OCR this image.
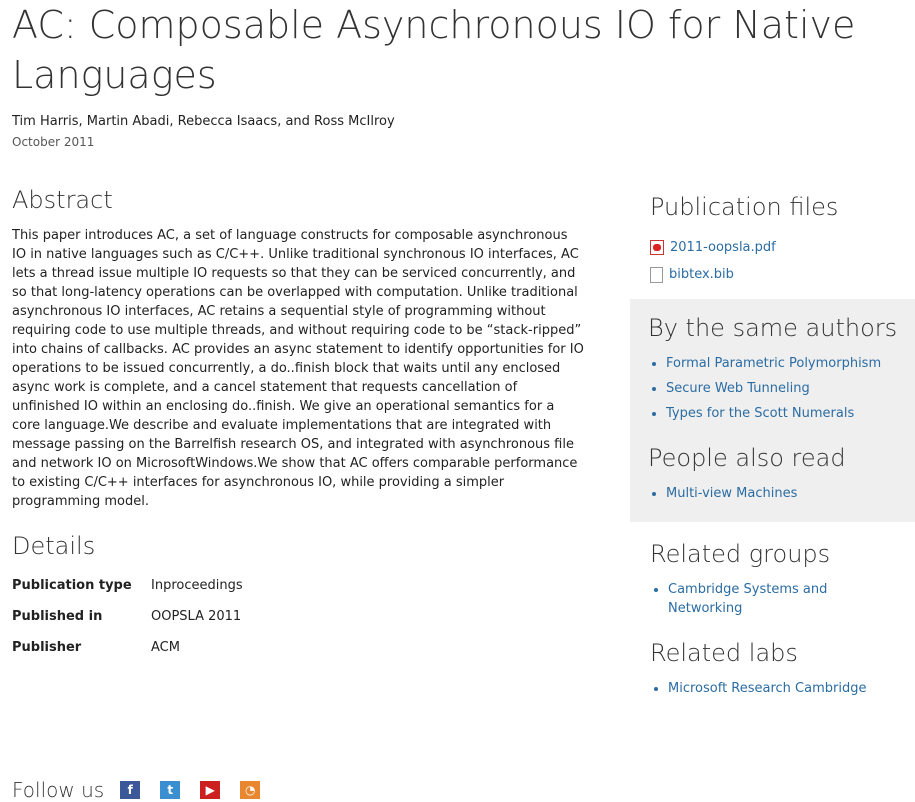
AC: Composable Asynchronous IO for Native Languages
Tim Harris, Martin Abadi, Rebecca Isaacs, and Ross McIlroy
October 2011
Abstract

This paper introduces AC, a set of language constructs for composable asynchronous IO in native languages such as C/C++. Unlike traditional synchronous IO interfaces, AC lets a thread issue multiple IO requests so that they can be serviced concurrently, and so that long-latency operations can be overlapped with computation. Unlike traditional asynchronous IO interfaces, AC retains a sequential style of programming without requiring code to use multiple threads, and without requiring code to be “stack-ripped” into chains of callbacks. AC provides an async statement to identify opportunities for IO operations to be issued concurrently, a do..finish block that waits until any enclosed async work is complete, and a cancel statement that requests cancellation of unfinished IO within an enclosing do..finish. We give an operational semantics for a core language.We describe and evaluate implementations that are integrated with message passing on the Barrelfish research OS, and integrated with asynchronous file and network IO on MicrosoftWindows.We show that AC offers comparable performance to existing C/C++ interfaces for asynchronous IO, while providing a simpler programming model.

Details
Publication type	Inproceedings
Published in	OOPSLA 2011
Publisher	ACM
Publication files
2011-oopsla.pdf
bibtex.bib
By the same authors
• Formal Parametric Polymorphism
• Secure Web Tunneling
• Types for the Scott Numerals
People also read
• Multi-view Machines
Related groups
• Cambridge Systems and Networking
Related labs
• Microsoft Research Cambridge
Follow us	f	t	▶	◔
